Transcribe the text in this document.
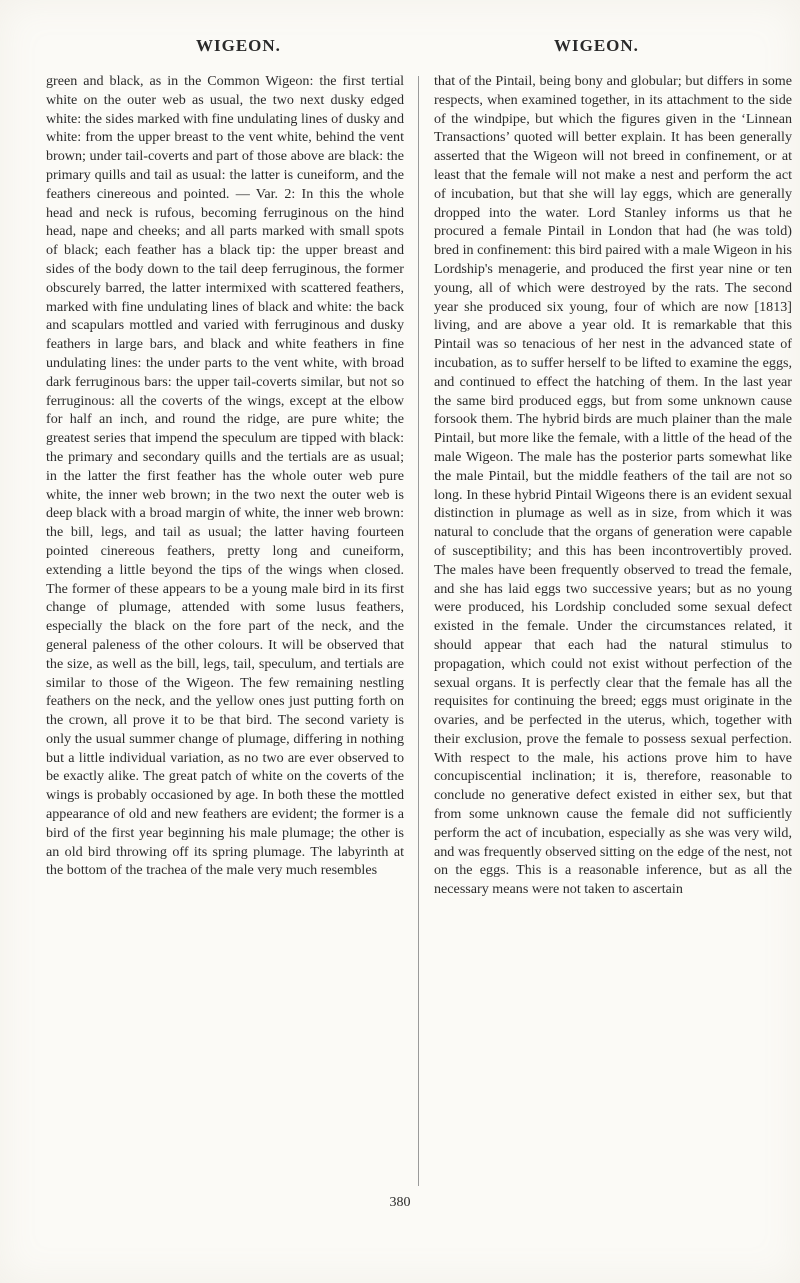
WIGEON.	WIGEON.

green and black, as in the Common Wigeon: the first tertial white on the outer web as usual, the two next dusky edged white: the sides marked with fine undulating lines of dusky and white: from the upper breast to the vent white, behind the vent brown; under tail-coverts and part of those above are black: the primary quills and tail as usual: the latter is cuneiform, and the feathers cinereous and pointed. — Var. 2: In this the whole head and neck is rufous, becoming ferruginous on the hind head, nape and cheeks; and all parts marked with small spots of black; each feather has a black tip: the upper breast and sides of the body down to the tail deep ferruginous, the former obscurely barred, the latter intermixed with scattered feathers, marked with fine undulating lines of black and white: the back and scapulars mottled and varied with ferruginous and dusky feathers in large bars, and black and white feathers in fine undulating lines: the under parts to the vent white, with broad dark ferruginous bars: the upper tail-coverts similar, but not so ferruginous: all the coverts of the wings, except at the elbow for half an inch, and round the ridge, are pure white; the greatest series that impend the speculum are tipped with black: the primary and secondary quills and the tertials are as usual; in the latter the first feather has the whole outer web pure white, the inner web brown; in the two next the outer web is deep black with a broad margin of white, the inner web brown: the bill, legs, and tail as usual; the latter having fourteen pointed cinereous feathers, pretty long and cuneiform, extending a little beyond the tips of the wings when closed. The former of these appears to be a young male bird in its first change of plumage, attended with some lusus feathers, especially the black on the fore part of the neck, and the general paleness of the other colours. It will be observed that the size, as well as the bill, legs, tail, speculum, and tertials are similar to those of the Wigeon. The few remaining nestling feathers on the neck, and the yellow ones just putting forth on the crown, all prove it to be that bird. The second variety is only the usual summer change of plumage, differing in nothing but a little individual variation, as no two are ever observed to be exactly alike. The great patch of white on the coverts of the wings is probably occasioned by age. In both these the mottled appearance of old and new feathers are evident; the former is a bird of the first year beginning his male plumage; the other is an old bird throwing off its spring plumage. The labyrinth at the bottom of the trachea of the male very much resembles

that of the Pintail, being bony and globular; but differs in some respects, when examined together, in its attachment to the side of the windpipe, but which the figures given in the ‘Linnean Transactions’ quoted will better explain. It has been generally asserted that the Wigeon will not breed in confinement, or at least that the female will not make a nest and perform the act of incubation, but that she will lay eggs, which are generally dropped into the water. Lord Stanley informs us that he procured a female Pintail in London that had (he was told) bred in confinement: this bird paired with a male Wigeon in his Lordship's menagerie, and produced the first year nine or ten young, all of which were destroyed by the rats. The second year she produced six young, four of which are now [1813] living, and are above a year old. It is remarkable that this Pintail was so tenacious of her nest in the advanced state of incubation, as to suffer herself to be lifted to examine the eggs, and continued to effect the hatching of them. In the last year the same bird produced eggs, but from some unknown cause forsook them. The hybrid birds are much plainer than the male Pintail, but more like the female, with a little of the head of the male Wigeon. The male has the posterior parts somewhat like the male Pintail, but the middle feathers of the tail are not so long. In these hybrid Pintail Wigeons there is an evident sexual distinction in plumage as well as in size, from which it was natural to conclude that the organs of generation were capable of susceptibility; and this has been incontrovertibly proved. The males have been frequently observed to tread the female, and she has laid eggs two successive years; but as no young were produced, his Lordship concluded some sexual defect existed in the female. Under the circumstances related, it should appear that each had the natural stimulus to propagation, which could not exist without perfection of the sexual organs. It is perfectly clear that the female has all the requisites for continuing the breed; eggs must originate in the ovaries, and be perfected in the uterus, which, together with their exclusion, prove the female to possess sexual perfection. With respect to the male, his actions prove him to have concupiscential inclination; it is, therefore, reasonable to conclude no generative defect existed in either sex, but that from some unknown cause the female did not sufficiently perform the act of incubation, especially as she was very wild, and was frequently observed sitting on the edge of the nest, not on the eggs. This is a reasonable inference, but as all the necessary means were not taken to ascertain

380
